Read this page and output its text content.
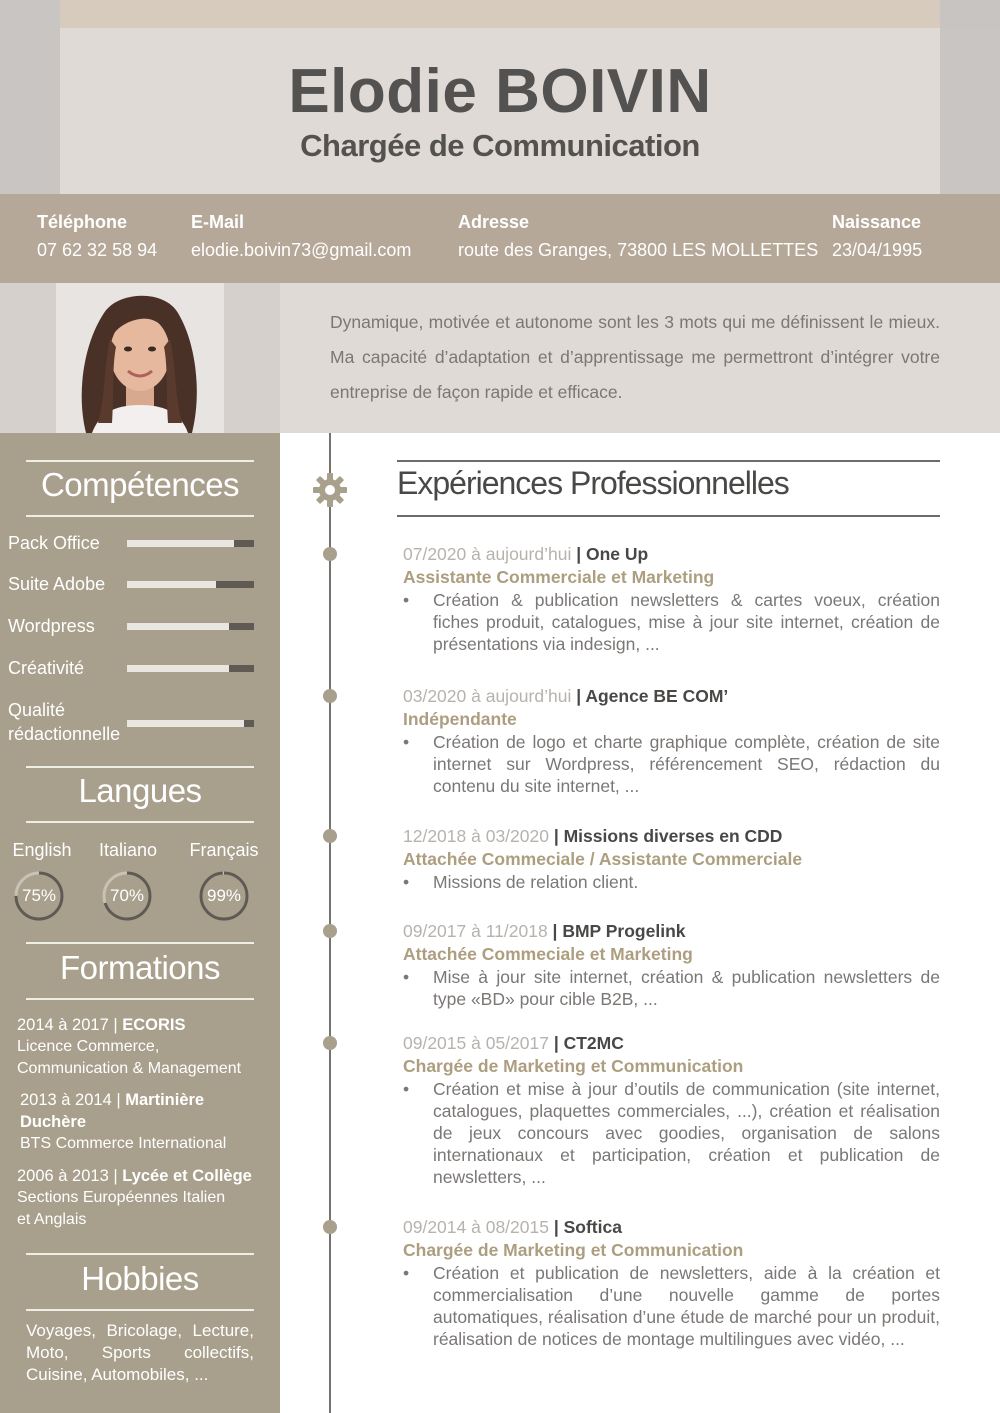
Elodie BOIVIN
Chargée de Communication
Téléphone
07 62 32 58 94
E-Mail
elodie.boivin73@gmail.com
Adresse
route des Granges, 73800 LES MOLLETTES
Naissance
23/04/1995

Dynamique, motivée et autonome sont les 3 mots qui me définissent le mieux. Ma capacité d’adaptation et d’apprentissage me permettront d’intégrer votre entreprise de façon rapide et efficace.

Compétences
Pack Office
Suite Adobe
Wordpress
Créativité
Qualité
rédactionnelle
Langues
English	Italiano	Français
75%	70%	99%
Formations
2014 à 2017 | ECORIS
Licence Commerce,
Communication & Management
2013 à 2014 | Martinière
Duchère
BTS Commerce International
2006 à 2013 | Lycée et Collège
Sections Européennes Italien
et Anglais
Hobbies
Voyages, Bricolage, Lecture, Moto, Sports collectifs, Cuisine, Automobiles, ...
Expériences Professionnelles
07/2020 à aujourd’hui | One Up
Assistante Commerciale et Marketing
• Création & publication newsletters & cartes voeux, création fiches produit, catalogues, mise à jour site internet, création de présentations via indesign, ...
03/2020 à aujourd’hui | Agence BE COM’
Indépendante
• Création de logo et charte graphique complète, création de site internet sur Wordpress, référencement SEO, rédaction du contenu du site internet, ...
12/2018 à 03/2020 | Missions diverses en CDD
Attachée Commeciale / Assistante Commerciale
• Missions de relation client.
09/2017 à 11/2018 | BMP Progelink
Attachée Commeciale et Marketing
• Mise à jour site internet, création & publication newsletters de type «BD» pour cible B2B, ...
09/2015 à 05/2017 | CT2MC
Chargée de Marketing et Communication
• Création et mise à jour d’outils de communication (site internet, catalogues, plaquettes commerciales, ...), création et réalisation de jeux concours avec goodies, organisation de salons internationaux et participation, création et publication de newsletters, ...
09/2014 à 08/2015 | Softica
Chargée de Marketing et Communication
• Création et publication de newsletters, aide à la création et commercialisation d’une nouvelle gamme de portes automatiques, réalisation d’une étude de marché pour un produit, réalisation de notices de montage multilingues avec vidéo, ...
